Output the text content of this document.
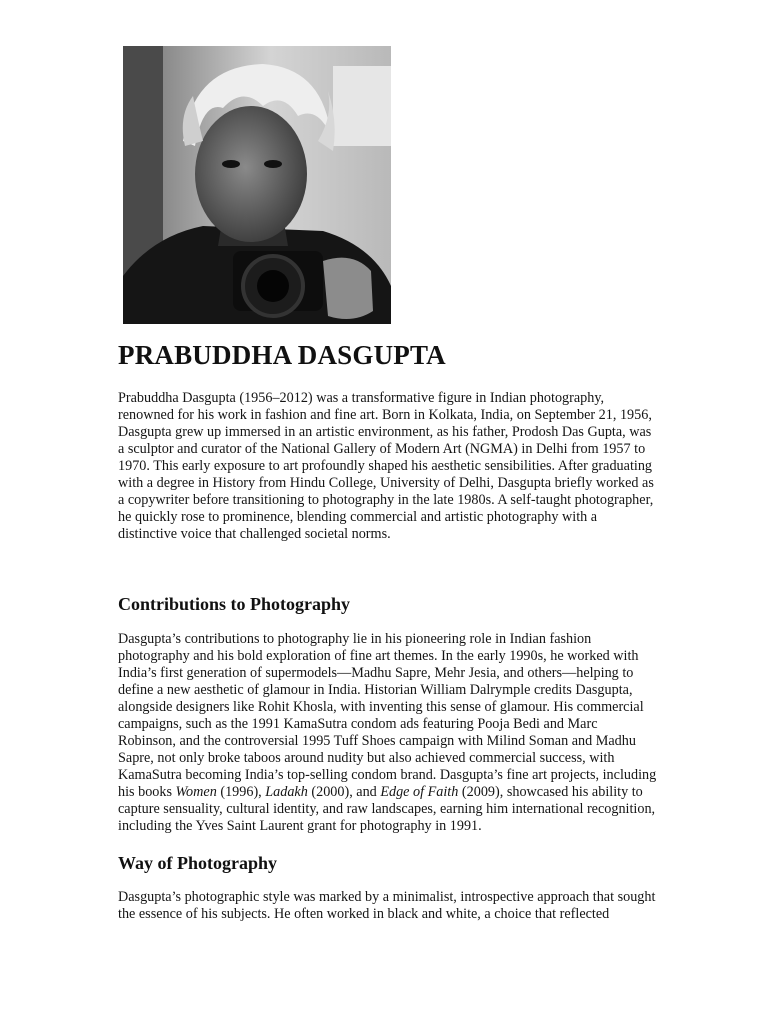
PRABUDDHA DASGUPTA

Prabuddha Dasgupta (1956–2012) was a transformative figure in Indian photography, renowned for his work in fashion and fine art. Born in Kolkata, India, on September 21, 1956, Dasgupta grew up immersed in an artistic environment, as his father, Prodosh Das Gupta, was a sculptor and curator of the National Gallery of Modern Art (NGMA) in Delhi from 1957 to 1970. This early exposure to art profoundly shaped his aesthetic sensibilities. After graduating with a degree in History from Hindu College, University of Delhi, Dasgupta briefly worked as a copywriter before transitioning to photography in the late 1980s. A self-taught photographer, he quickly rose to prominence, blending commercial and artistic photography with a distinctive voice that challenged societal norms.

Contributions to Photography

Dasgupta’s contributions to photography lie in his pioneering role in Indian fashion photography and his bold exploration of fine art themes. In the early 1990s, he worked with India’s first generation of supermodels—Madhu Sapre, Mehr Jesia, and others—helping to define a new aesthetic of glamour in India. Historian William Dalrymple credits Dasgupta, alongside designers like Rohit Khosla, with inventing this sense of glamour. His commercial campaigns, such as the 1991 KamaSutra condom ads featuring Pooja Bedi and Marc Robinson, and the controversial 1995 Tuff Shoes campaign with Milind Soman and Madhu Sapre, not only broke taboos around nudity but also achieved commercial success, with KamaSutra becoming India’s top-selling condom brand. Dasgupta’s fine art projects, including his books Women (1996), Ladakh (2000), and Edge of Faith (2009), showcased his ability to capture sensuality, cultural identity, and raw landscapes, earning him international recognition, including the Yves Saint Laurent grant for photography in 1991.

Way of Photography

Dasgupta’s photographic style was marked by a minimalist, introspective approach that sought the essence of his subjects. He often worked in black and white, a choice that reflected
